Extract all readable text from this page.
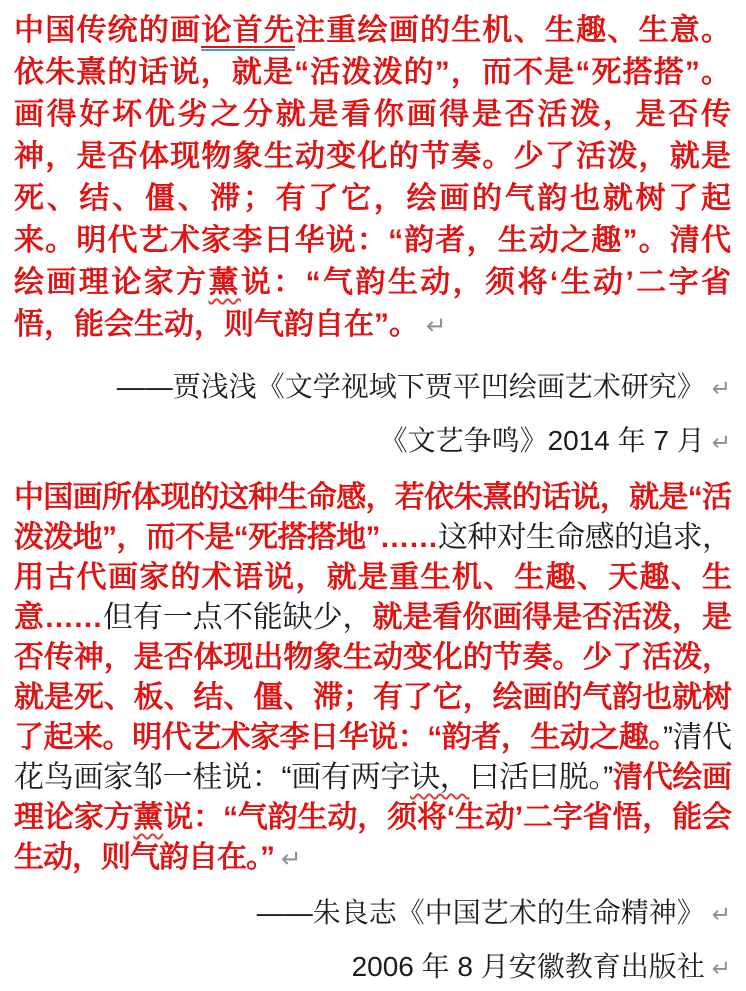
中国传统的画论首先注重绘画的生机、生趣、生意。依朱熹的话说，就是“活泼泼的”，而不是“死搭搭”。画得好坏优劣之分就是看你画得是否活泼，是否传神，是否体现物象生动变化的节奏。少了活泼，就是死、结、僵、滞；有了它，绘画的气韵也就树了起来。明代艺术家李日华说：“韵者，生动之趣”。清代绘画理论家方薰说：“气韵生动，须将‘生动’二字省悟，能会生动，则气韵自在”。 ↵
——贾浅浅《文学视域下贾平凹绘画艺术研究》 ↵
《文艺争鸣》2014 年 7 月 ↵
中国画所体现的这种生命感，若依朱熹的话说，就是“活泼泼地”，而不是“死搭搭地”……这种对生命感的追求，用古代画家的术语说，就是重生机、生趣、天趣、生意……但有一点不能缺少，就是看你画得是否活泼，是否传神，是否体现出物象生动变化的节奏。少了活泼，就是死、板、结、僵、滞；有了它，绘画的气韵也就树了起来。明代艺术家李日华说：“韵者，生动之趣。”清代花鸟画家邹一桂说：“画有两字诀，曰活曰脱。”清代绘画理论家方薰说：“气韵生动，须将‘生动’二字省悟，能会生动，则气韵自在。” ↵
——朱良志《中国艺术的生命精神》 ↵
2006 年 8 月安徽教育出版社 ↵
